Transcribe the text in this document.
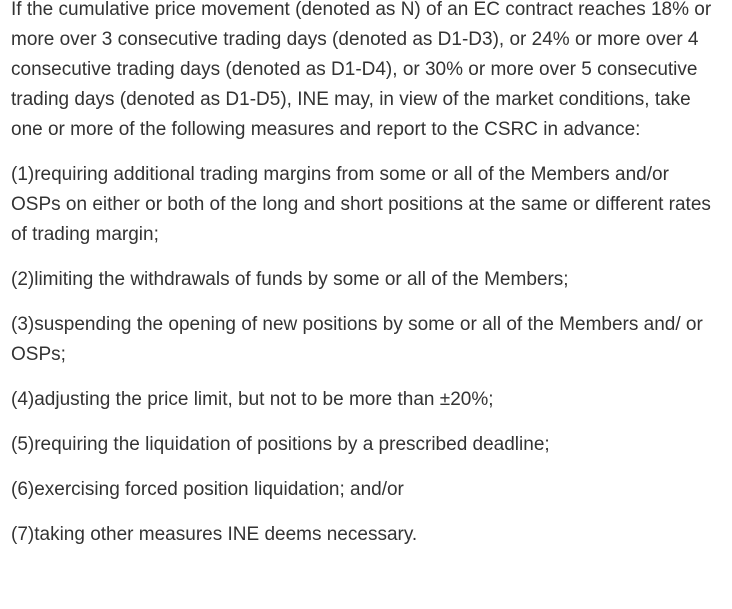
If the cumulative price movement (denoted as N) of an EC contract reaches 18% or more over 3 consecutive trading days (denoted as D1-D3), or 24% or more over 4 consecutive trading days (denoted as D1-D4), or 30% or more over 5 consecutive trading days (denoted as D1-D5), INE may, in view of the market conditions, take one or more of the following measures and report to the CSRC in advance:

(1)requiring additional trading margins from some or all of the Members and/or OSPs on either or both of the long and short positions at the same or different rates of trading margin;

(2)limiting the withdrawals of funds by some or all of the Members;

(3)suspending the opening of new positions by some or all of the Members and/ or OSPs;

(4)adjusting the price limit, but not to be more than ±20%;

(5)requiring the liquidation of positions by a prescribed deadline;

(6)exercising forced position liquidation; and/or

(7)taking other measures INE deems necessary.
